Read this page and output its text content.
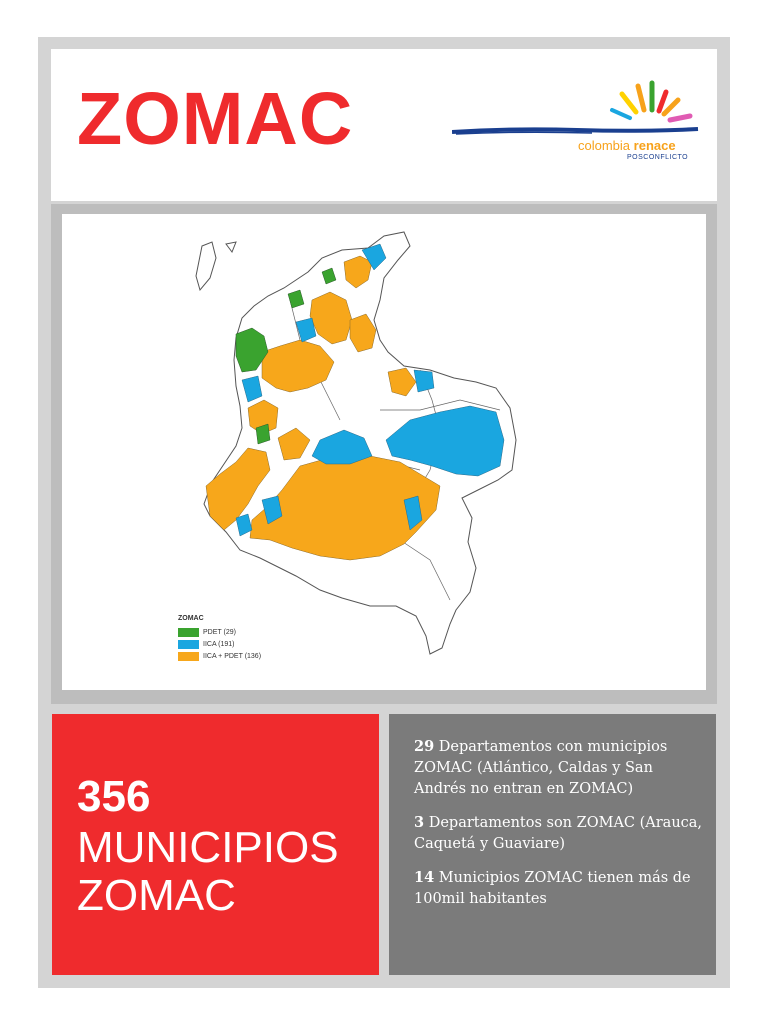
ZOMAC	colombia renace
POSCONFLICTO
ZOMAC
PDET (29)
IICA (191)
IICA + PDET (136)
356
MUNICIPIOS
ZOMAC

29 Departamentos con municipios ZOMAC (Atlántico, Caldas y San Andrés no entran en ZOMAC)

3 Departamentos son ZOMAC (Arauca, Caquetá y Guaviare)

14 Municipios ZOMAC tienen más de 100mil habitantes
